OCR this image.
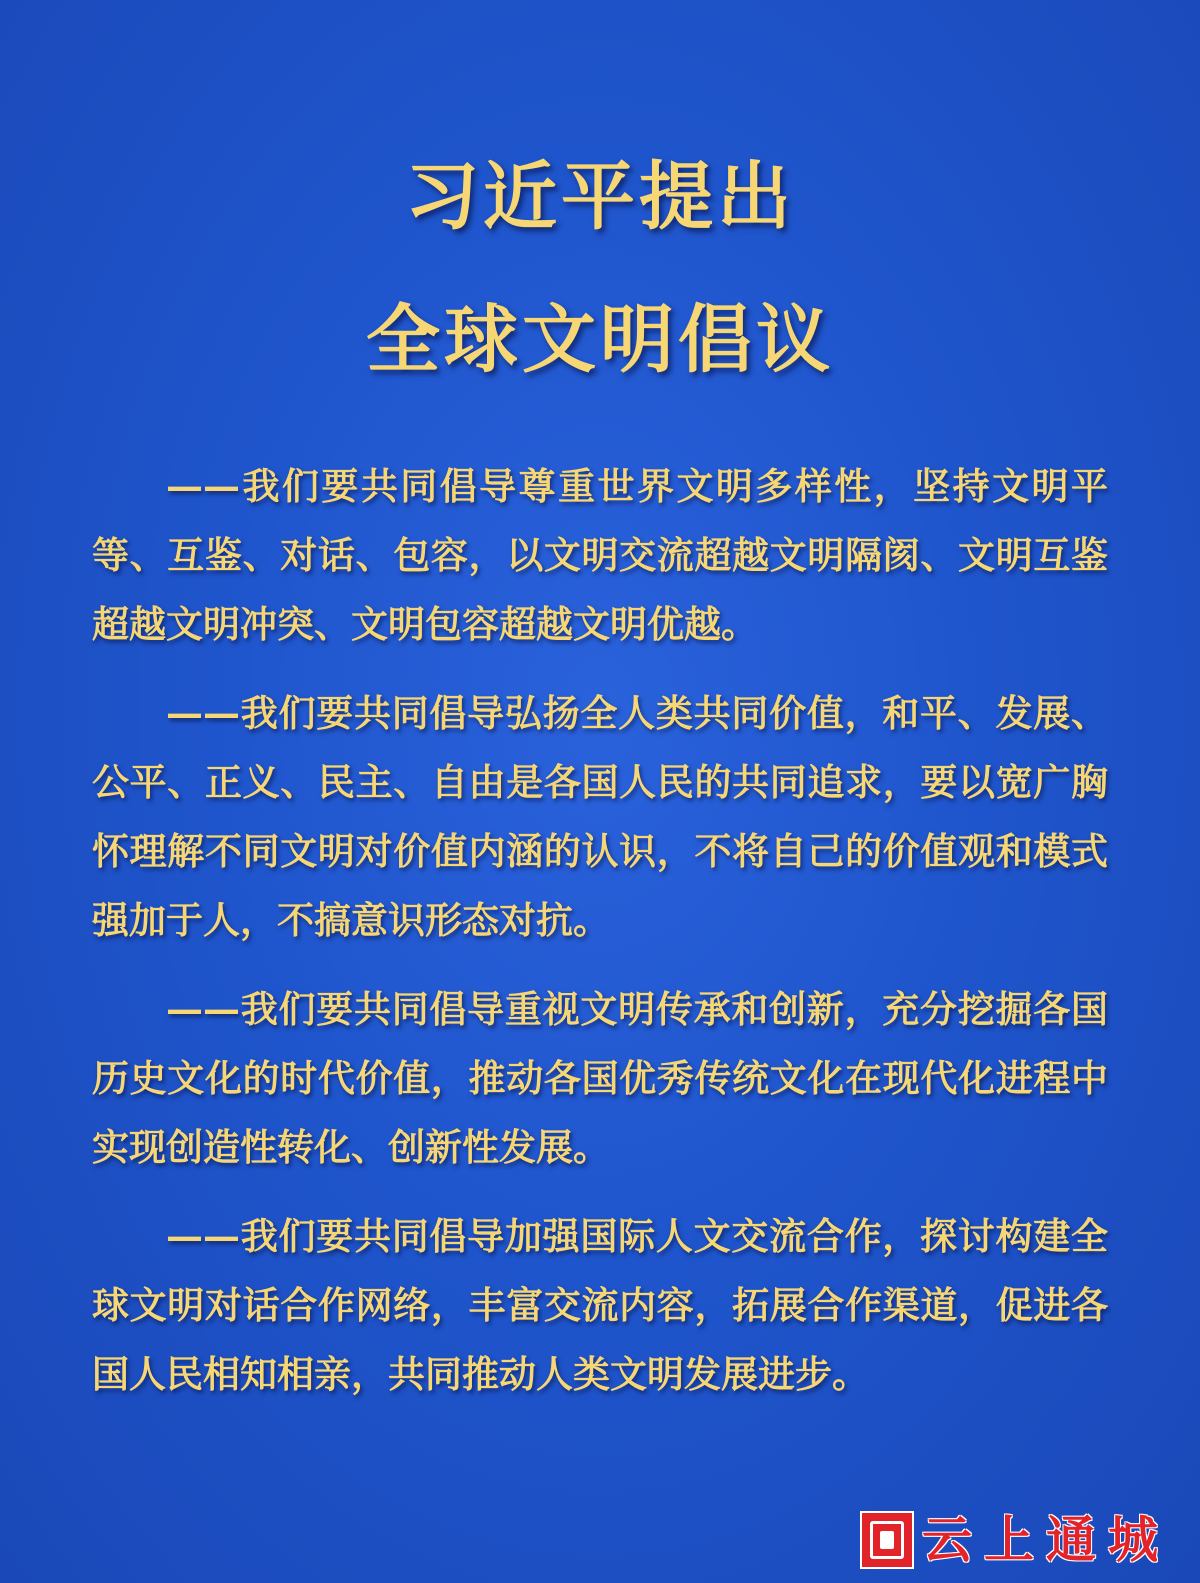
习近平提出
全球文明倡议

——我们要共同倡导尊重世界文明多样性，坚持文明平等、互鉴、对话、包容，以文明交流超越文明隔阂、文明互鉴超越文明冲突、文明包容超越文明优越。

——我们要共同倡导弘扬全人类共同价值，和平、发展、公平、正义、民主、自由是各国人民的共同追求，要以宽广胸怀理解不同文明对价值内涵的认识，不将自己的价值观和模式强加于人，不搞意识形态对抗。

——我们要共同倡导重视文明传承和创新，充分挖掘各国历史文化的时代价值，推动各国优秀传统文化在现代化进程中实现创造性转化、创新性发展。

——我们要共同倡导加强国际人文交流合作，探讨构建全球文明对话合作网络，丰富交流内容，拓展合作渠道，促进各国人民相知相亲，共同推动人类文明发展进步。

云上通城
